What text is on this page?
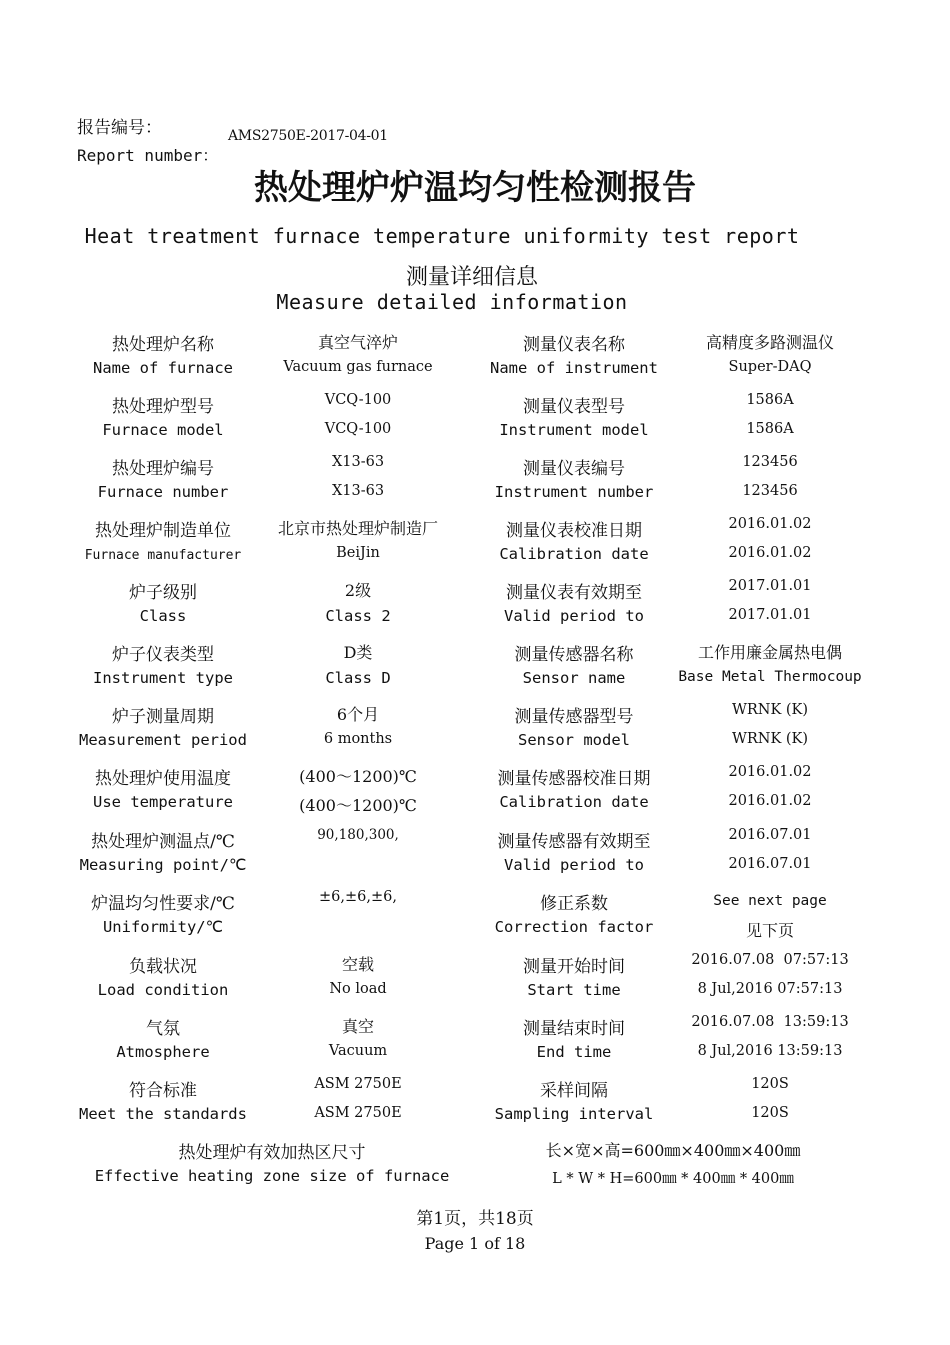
报告编号：
Report number：
AMS2750E-2017-04-01
热处理炉炉温均匀性检测报告
Heat treatment furnace temperature uniformity test report
测量详细信息
Measure detailed information
热处理炉名称
Name of furnace
真空气淬炉
Vacuum gas furnace
测量仪表名称
Name of instrument
高精度多路测温仪
Super-DAQ
热处理炉型号
Furnace model
VCQ-100
VCQ-100
测量仪表型号
Instrument model
1586A
1586A
热处理炉编号
Furnace number
X13-63
X13-63
测量仪表编号
Instrument number
123456
123456
热处理炉制造单位
Furnace manufacturer
北京市热处理炉制造厂
BeiJin
测量仪表校准日期
Calibration date
2016.01.02
2016.01.02
炉子级别
Class
2级
Class 2
测量仪表有效期至
Valid period to
2017.01.01
2017.01.01
炉子仪表类型
Instrument type
D类
Class D
测量传感器名称
Sensor name
工作用廉金属热电偶
Base Metal Thermocoup
炉子测量周期
Measurement period
6个月
6 months
测量传感器型号
Sensor model
WRNK (K)
WRNK (K)
热处理炉使用温度
Use temperature
(400～1200)℃
(400～1200)℃
测量传感器校准日期
Calibration date
2016.01.02
2016.01.02
热处理炉测温点/℃
Measuring point/℃
90,180,300,	测量传感器有效期至
Valid period to
2016.07.01
2016.07.01
炉温均匀性要求/℃
Uniformity/℃
±6,±6,±6,	修正系数
Correction factor
See next page
见下页
负载状况
Load condition
空载
No load
测量开始时间
Start time
2016.07.08  07:57:13
8 Jul,2016 07:57:13
气氛
Atmosphere
真空
Vacuum
测量结束时间
End time
2016.07.08  13:59:13
8 Jul,2016 13:59:13
符合标准
Meet the standards
ASM 2750E
ASM 2750E
采样间隔
Sampling interval
120S
120S
热处理炉有效加热区尺寸
Effective heating zone size of furnace
长×宽×高=600㎜×400㎜×400㎜
L * W * H=600㎜ * 400㎜ * 400㎜
第1页，共18页
Page 1 of 18
